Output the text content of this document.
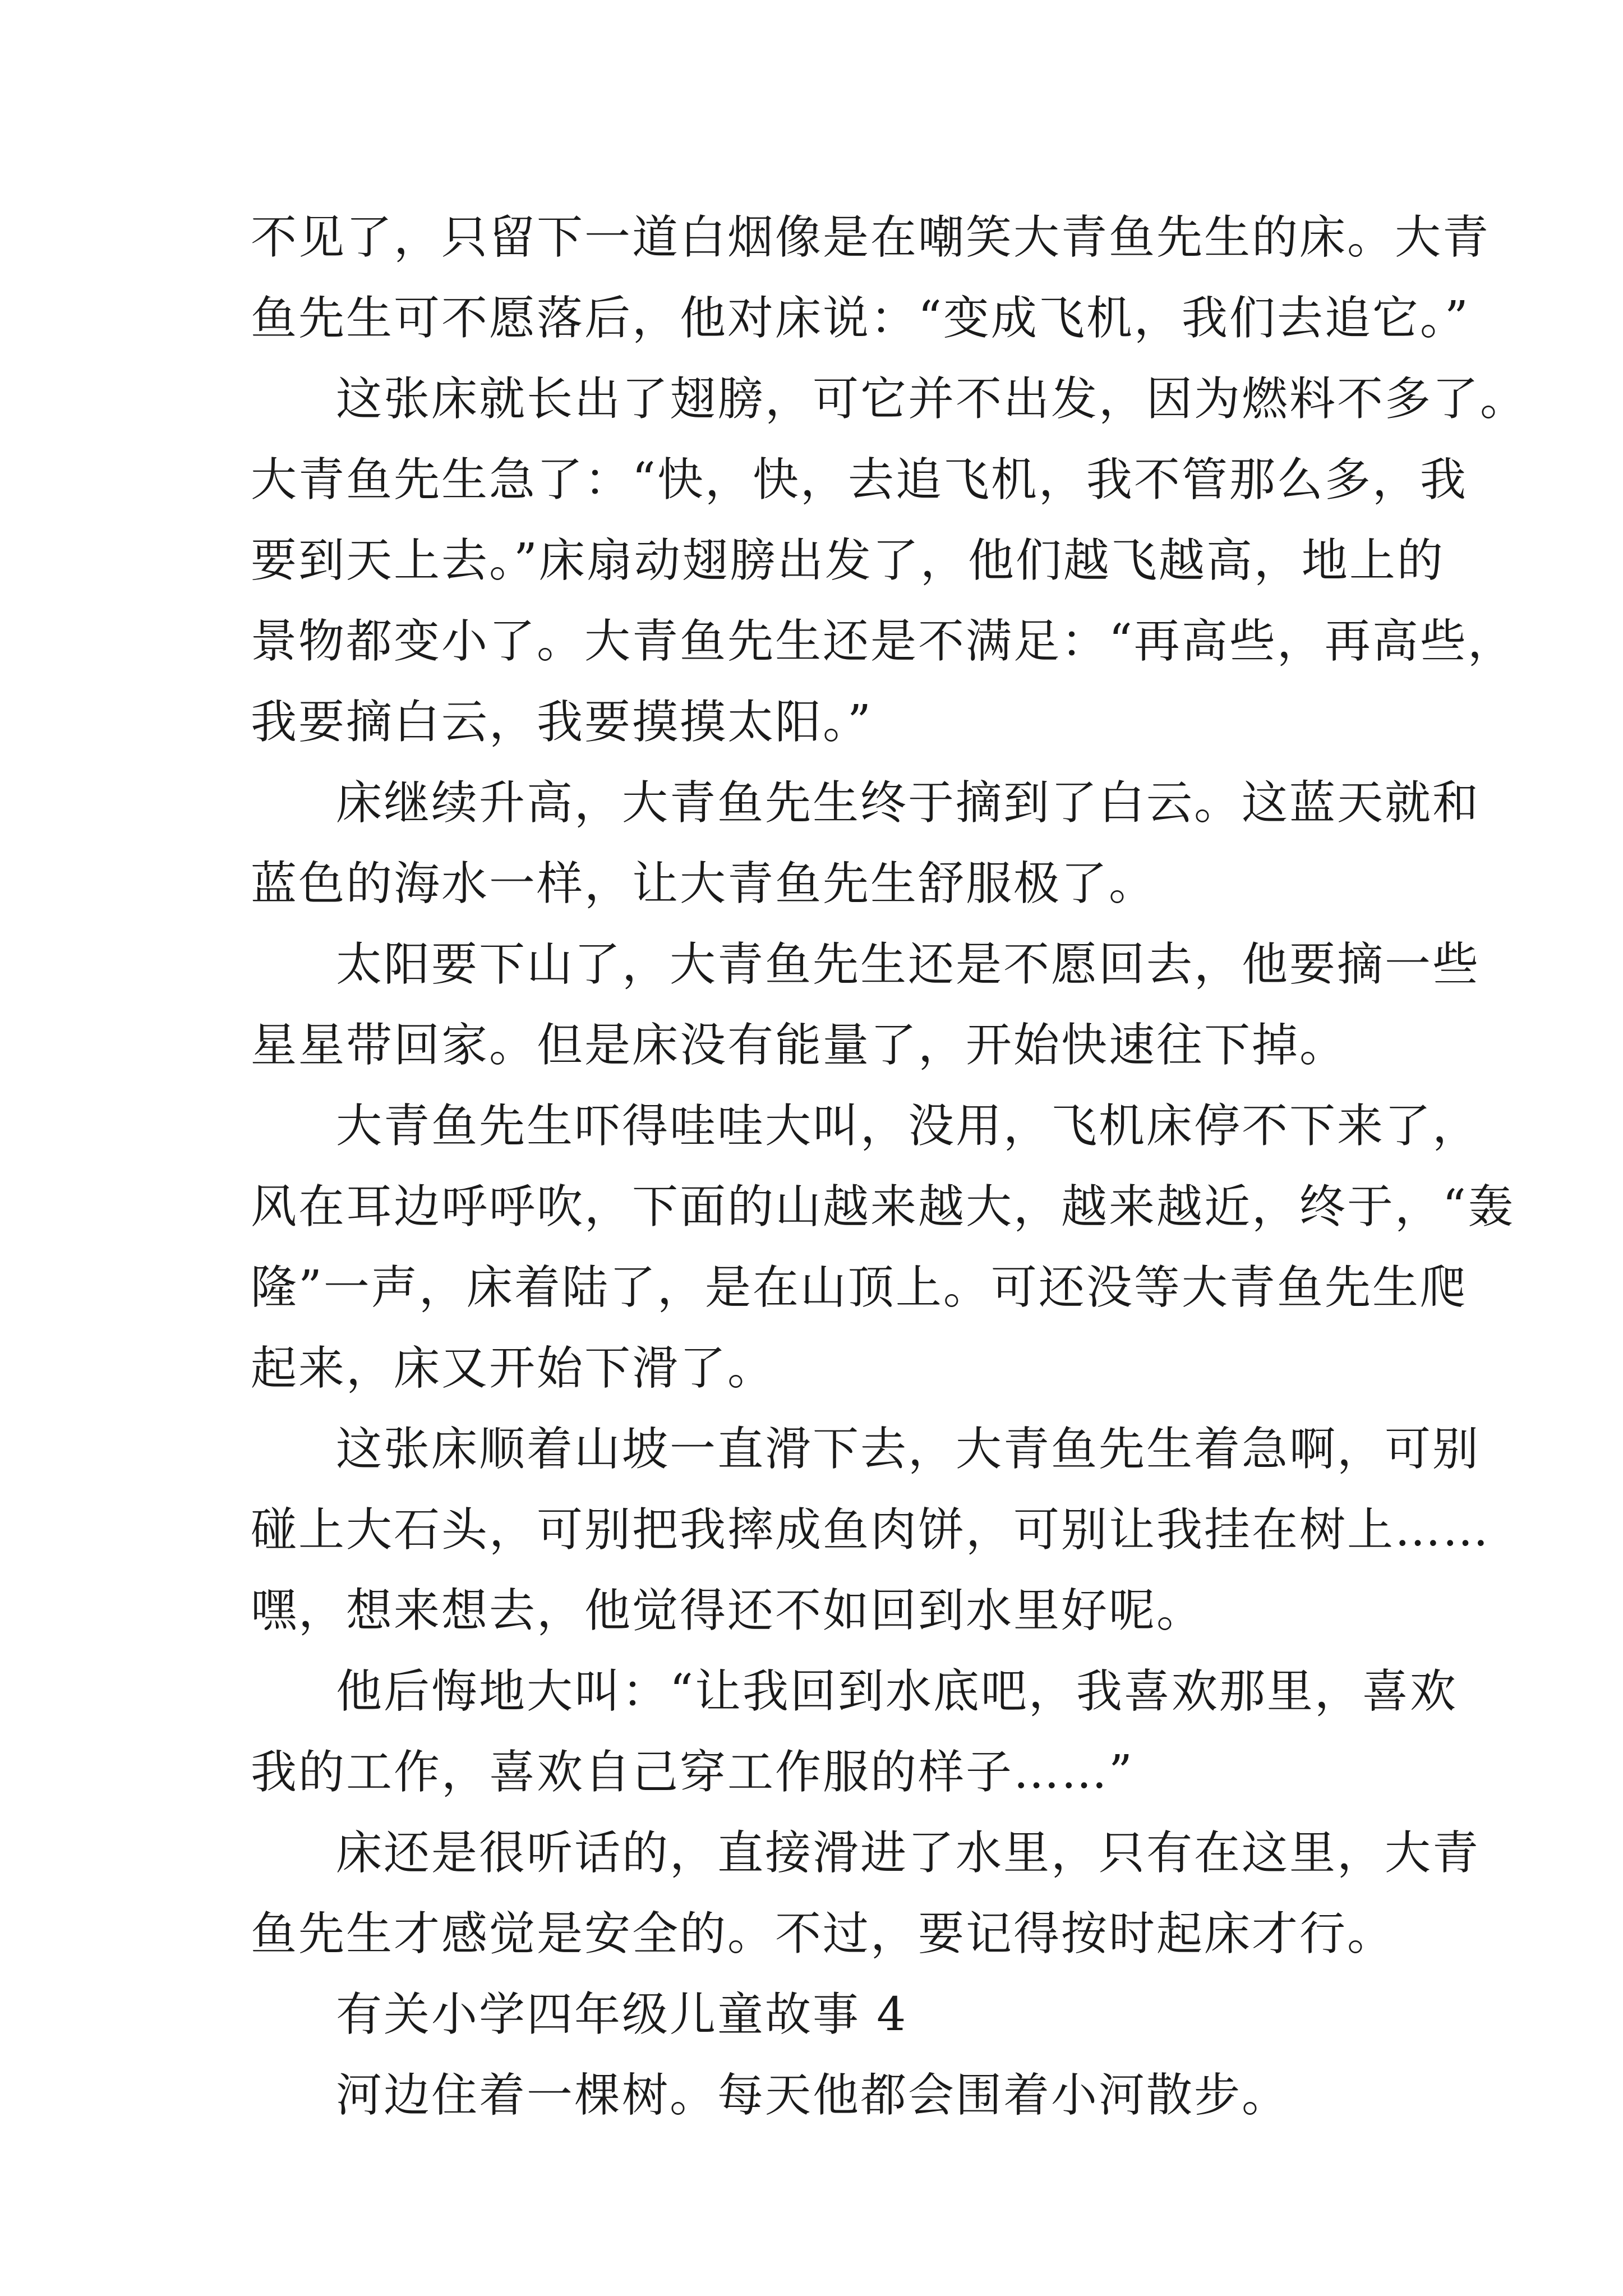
不见了，只留下一道白烟像是在嘲笑大青鱼先生的床。大青
鱼先生可不愿落后，他对床说：“变成飞机，我们去追它。”
这张床就长出了翅膀，可它并不出发，因为燃料不多了。
大青鱼先生急了：“快，快，去追飞机，我不管那么多，我
要到天上去。”床扇动翅膀出发了，他们越飞越高，地上的
景物都变小了。大青鱼先生还是不满足：“再高些，再高些，
我要摘白云，我要摸摸太阳。”
床继续升高，大青鱼先生终于摘到了白云。这蓝天就和
蓝色的海水一样，让大青鱼先生舒服极了。
太阳要下山了，大青鱼先生还是不愿回去，他要摘一些
星星带回家。但是床没有能量了，开始快速往下掉。
大青鱼先生吓得哇哇大叫，没用，飞机床停不下来了，
风在耳边呼呼吹，下面的山越来越大，越来越近，终于，“轰
隆”一声，床着陆了，是在山顶上。可还没等大青鱼先生爬
起来，床又开始下滑了。
这张床顺着山坡一直滑下去，大青鱼先生着急啊，可别
碰上大石头，可别把我摔成鱼肉饼，可别让我挂在树上……
嘿，想来想去，他觉得还不如回到水里好呢。
他后悔地大叫：“让我回到水底吧，我喜欢那里，喜欢
我的工作，喜欢自己穿工作服的样子……”
床还是很听话的，直接滑进了水里，只有在这里，大青
鱼先生才感觉是安全的。不过，要记得按时起床才行。
有关小学四年级儿童故事 4
河边住着一棵树。每天他都会围着小河散步。
